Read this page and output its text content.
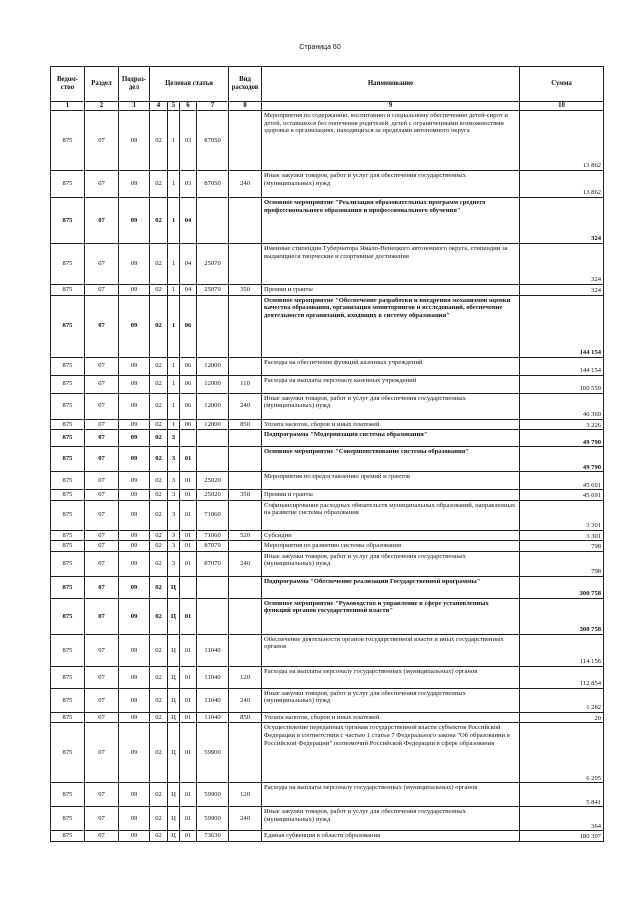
Страница 60
Ведом-ство	Раздел	Подраз-дел	Целевая статья				Вид расходов	Наименование	Сумма
1	2	3	4	5	6	7	8	9	10
875	07	09	02	1	03	87050		Мероприятия по содержанию, воспитанию и социальному обеспечению детей-сирот и детей, оставшихся без попечения родителей, детей с ограниченными возможностями здоровья в организациях, находящихся за пределами автономного округа	13 862
875	07	09	02	1	03	87050	240	Иные закупки товаров, работ и услуг для обеспечения государственных (муниципальных) нужд	13 862
875	07	09	02	1	04			Основное мероприятие "Реализация образовательных программ среднего профессионального образования и профессионального обучения"	324
875	07	09	02	1	04	25070		Именные стипендии Губернатора Ямало-Ненецкого автономного округа, стипендии за выдающиеся творческие и спортивные достижения	324
875	07	09	02	1	04	25070	350	Премии и гранты	324
875	07	09	02	1	06			Основное мероприятие "Обеспечение разработки и внедрения механизмов оценки качества образования, организация мониторингов и исследований, обеспечение деятельности организаций, входящих в систему образования"	144 154
875	07	09	02	1	06	12000		Расходы на обеспечение функций казенных учреждений	144 154
875	07	09	02	1	06	12000	110	Расходы на выплаты персоналу казенных учреждений	100 559
875	07	09	02	1	06	12000	240	Иные закупки товаров, работ и услуг для обеспечения государственных (муниципальных) нужд	40 369
875	07	09	02	1	06	12000	850	Уплата налогов, сборов и иных платежей	3 226
875	07	09	02	3				Подпрограмма "Модернизация системы образования"	49 790
875	07	09	02	3	01			Основное мероприятие "Совершенствование системы образования"	49 790
875	07	09	02	3	01	25020		Мероприятия по предоставлению премий и грантов	45 691
875	07	09	02	3	01	25020	350	Премии и гранты	45 691
875	07	09	02	3	01	71060		Софинансирование расходных обязательств муниципальных образований, направленных на развитие системы образования	3 301
875	07	09	02	3	01	71060	520	Субсидии	3 301
875	07	09	02	3	01	87070		Мероприятия по развитию системы образования	798
875	07	09	02	3	01	87070	240	Иные закупки товаров, работ и услуг для обеспечения государственных (муниципальных) нужд	798
875	07	09	02	Ц				Подпрограмма "Обеспечение реализации Государственной программы"	300 758
875	07	09	02	Ц	01			Основное мероприятие "Руководство и управление в сфере установленных функций органов государственной власти"	300 758
875	07	09	02	Ц	01	11040		Обеспечение деятельности органов государственной власти и иных государственных органов	114 156
875	07	09	02	Ц	01	11040	120	Расходы на выплаты персоналу государственных (муниципальных) органов	112 854
875	07	09	02	Ц	01	11040	240	Иные закупки товаров, работ и услуг для обеспечения государственных (муниципальных) нужд	1 282
875	07	09	02	Ц	01	11040	850	Уплата налогов, сборов и иных платежей	20
875	07	09	02	Ц	01	59900		Осуществление переданных органам государственной власти субъектов Российской Федерации в соответствии с частью 1 статьи 7 Федерального закона "Об образовании в Российской Федерации" полномочий Российской Федерации в сфере образования	6 205
875	07	09	02	Ц	01	59900	120	Расходы на выплаты персоналу государственных (муниципальных) органов	5 841
875	07	09	02	Ц	01	59900	240	Иные закупки товаров, работ и услуг для обеспечения государственных (муниципальных) нужд	364
875	07	09	02	Ц	01	73630		Единая субвенция в области образования	180 397
